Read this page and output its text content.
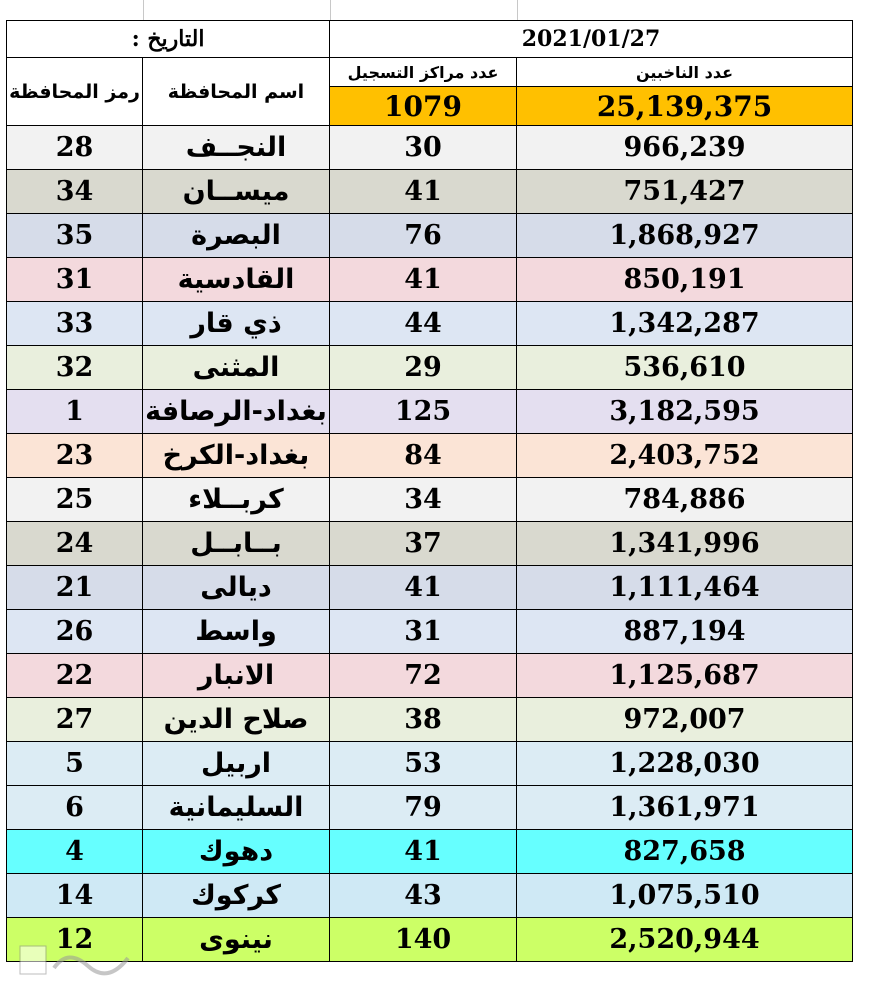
: التاريخ		2021/01/27	
رمز المحافظة	اسم المحافظة	عدد مراكز التسجيل	عدد الناخبين
		1079	25,139,375
28	النجــف	30	966,239
34	ميســان	41	751,427
35	البصرة	76	1,868,927
31	القادسية	41	850,191
33	ذي قار	44	1,342,287
32	المثنى	29	536,610
1	بغداد-الرصافة	125	3,182,595
23	بغداد-الكرخ	84	2,403,752
25	كربــلاء	34	784,886
24	بــابــل	37	1,341,996
21	ديالى	41	1,111,464
26	واسط	31	887,194
22	الانبار	72	1,125,687
27	صلاح الدين	38	972,007
5	اربيل	53	1,228,030
6	السليمانية	79	1,361,971
4	دهوك	41	827,658
14	كركوك	43	1,075,510
12	نينوى	140	2,520,944
